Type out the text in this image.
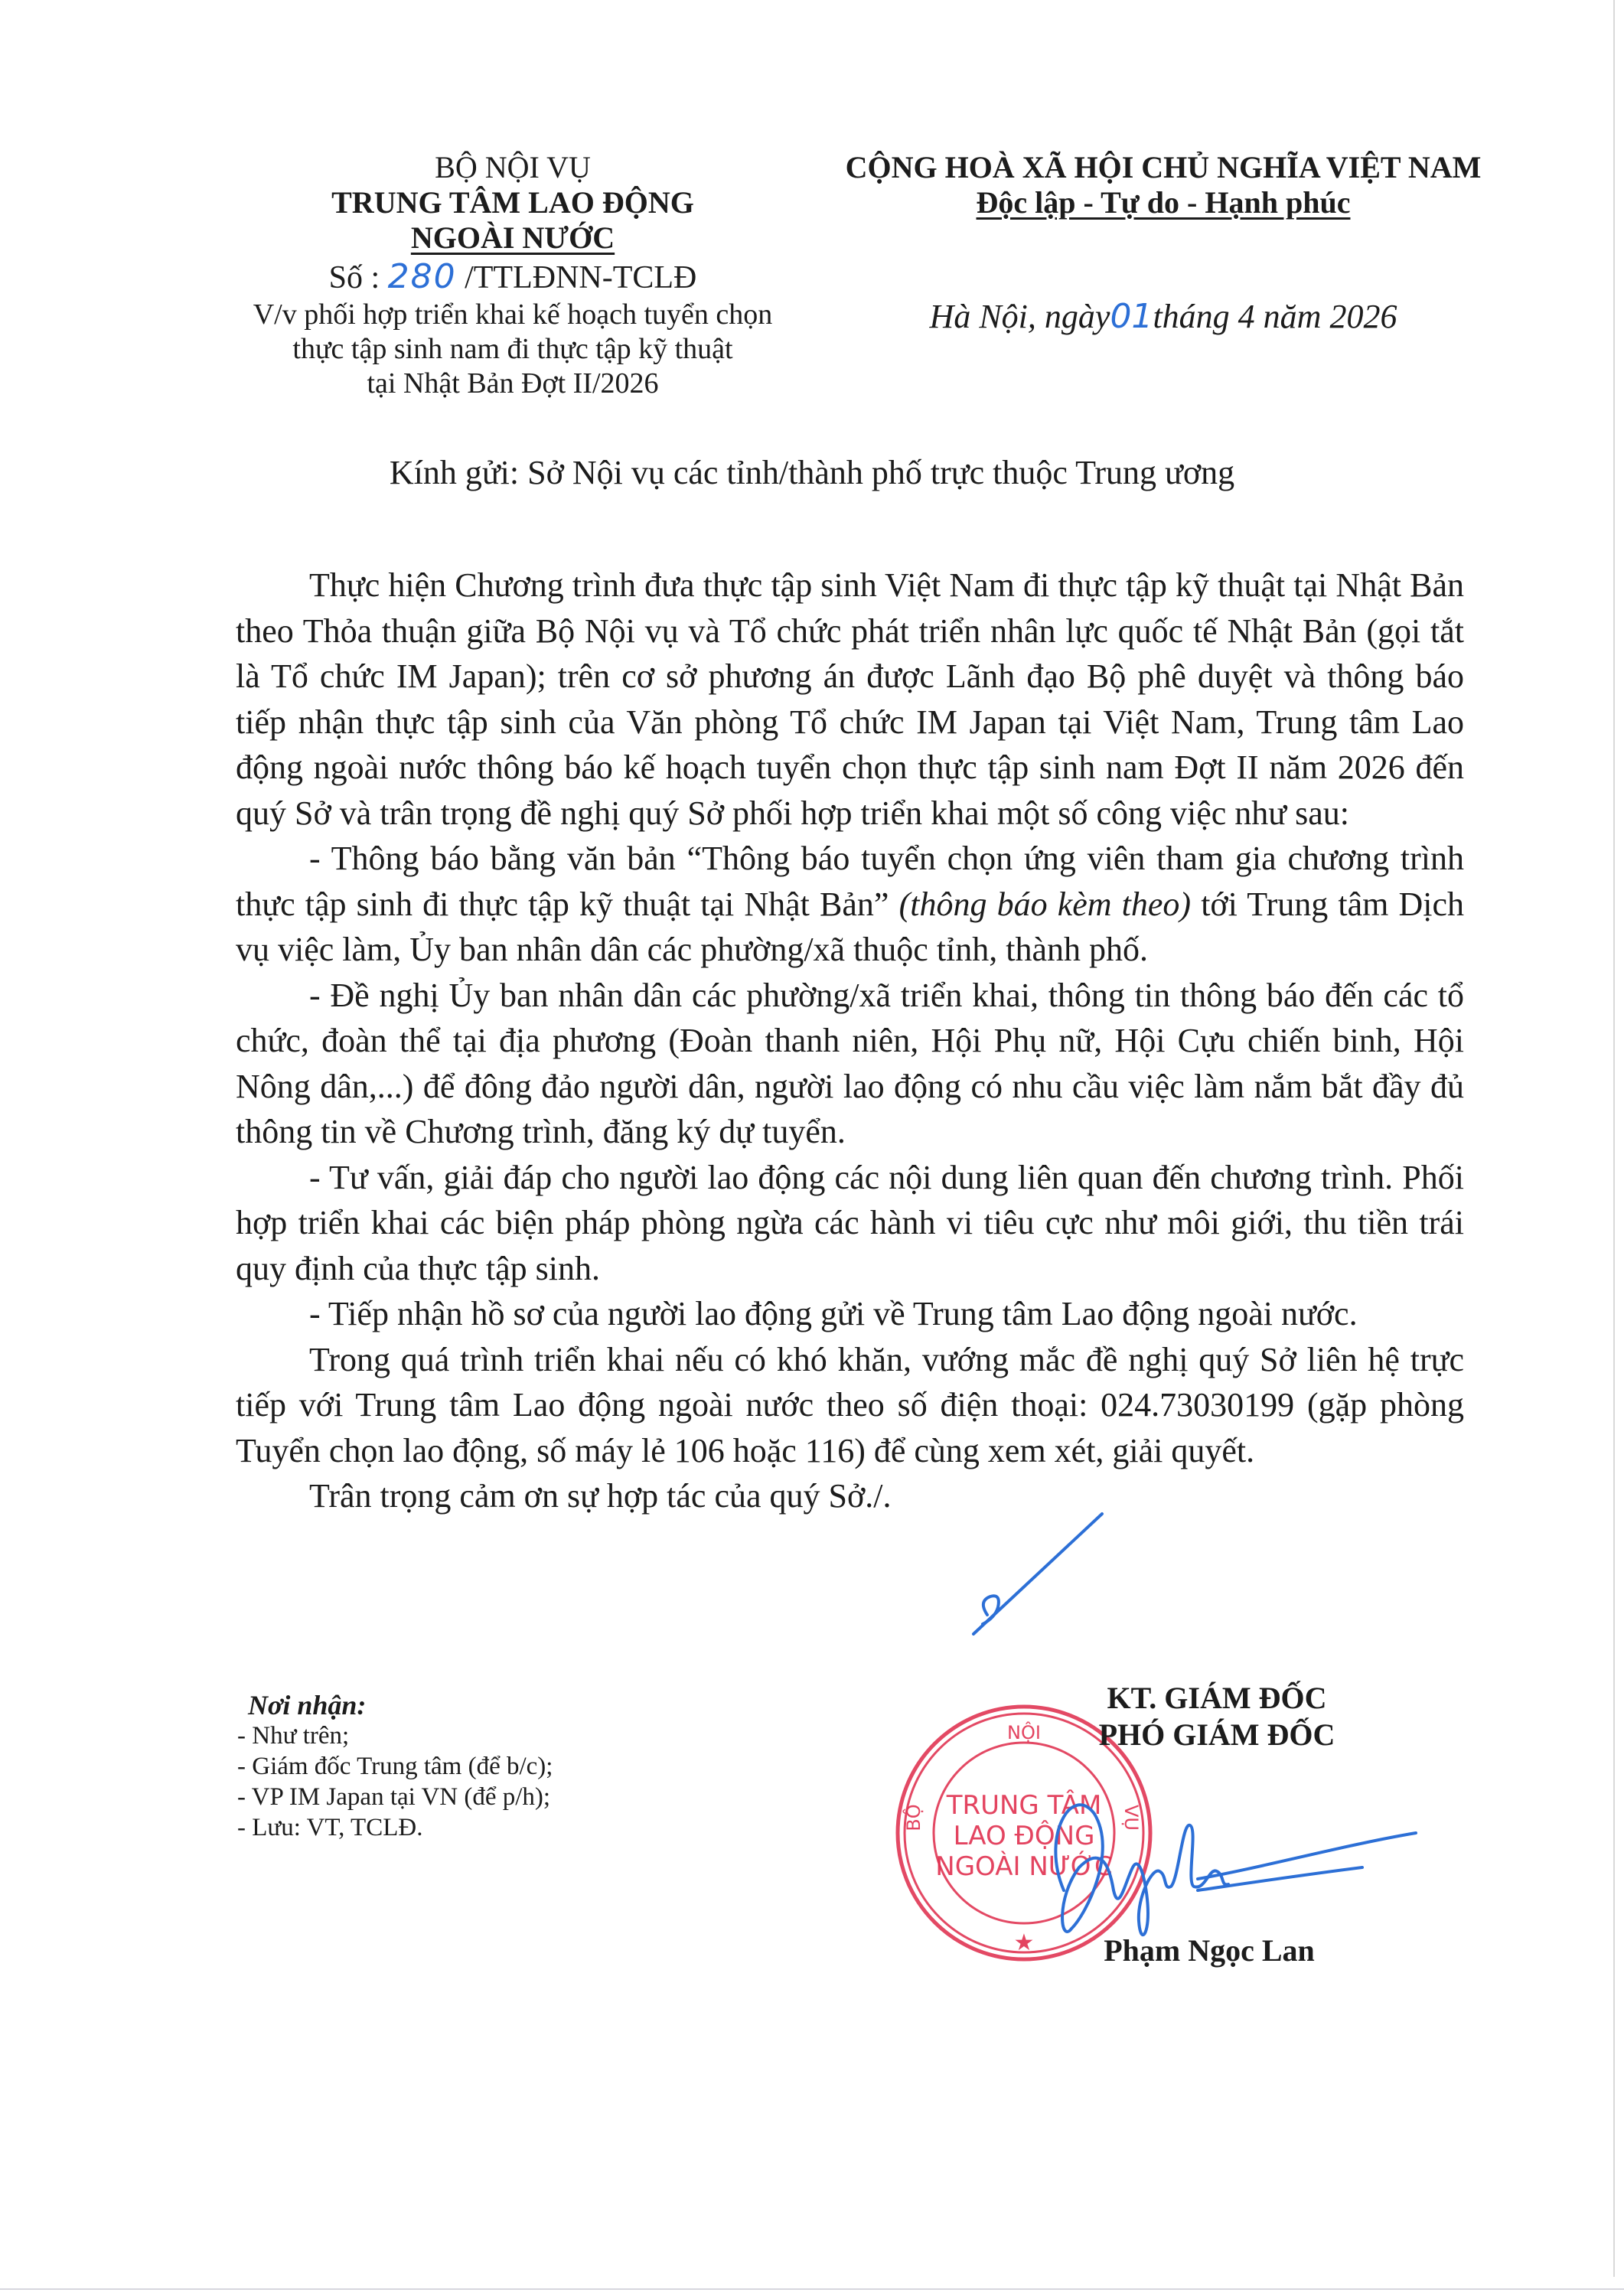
BỘ NỘI VỤ
TRUNG TÂM LAO ĐỘNG
NGOÀI NƯỚC
Số : 280 /TTLĐNN-TCLĐ
V/v phối hợp triển khai kế hoạch tuyển chọn
thực tập sinh nam đi thực tập kỹ thuật
tại Nhật Bản Đợt II/2026
CỘNG HOÀ XÃ HỘI CHỦ NGHĨA VIỆT NAM
Độc lập - Tự do - Hạnh phúc
Hà Nội, ngày01tháng 4 năm 2026
Kính gửi: Sở Nội vụ các tỉnh/thành phố trực thuộc Trung ương

Thực hiện Chương trình đưa thực tập sinh Việt Nam đi thực tập kỹ thuật tại Nhật Bản theo Thỏa thuận giữa Bộ Nội vụ và Tổ chức phát triển nhân lực quốc tế Nhật Bản (gọi tắt là Tổ chức IM Japan); trên cơ sở phương án được Lãnh đạo Bộ phê duyệt và thông báo tiếp nhận thực tập sinh của Văn phòng Tổ chức IM Japan tại Việt Nam, Trung tâm Lao động ngoài nước thông báo kế hoạch tuyển chọn thực tập sinh nam Đợt II năm 2026 đến quý Sở và trân trọng đề nghị quý Sở phối hợp triển khai một số công việc như sau:

- Thông báo bằng văn bản “Thông báo tuyển chọn ứng viên tham gia chương trình thực tập sinh đi thực tập kỹ thuật tại Nhật Bản” (thông báo kèm theo) tới Trung tâm Dịch vụ việc làm, Ủy ban nhân dân các phường/xã thuộc tỉnh, thành phố.

- Đề nghị Ủy ban nhân dân các phường/xã triển khai, thông tin thông báo đến các tổ chức, đoàn thể tại địa phương (Đoàn thanh niên, Hội Phụ nữ, Hội Cựu chiến binh, Hội Nông dân,...) để đông đảo người dân, người lao động có nhu cầu việc làm nắm bắt đầy đủ thông tin về Chương trình, đăng ký dự tuyển.

- Tư vấn, giải đáp cho người lao động các nội dung liên quan đến chương trình. Phối hợp triển khai các biện pháp phòng ngừa các hành vi tiêu cực như môi giới, thu tiền trái quy định của thực tập sinh.

- Tiếp nhận hồ sơ của người lao động gửi về Trung tâm Lao động ngoài nước.

Trong quá trình triển khai nếu có khó khăn, vướng mắc đề nghị quý Sở liên hệ trực tiếp với Trung tâm Lao động ngoài nước theo số điện thoại: 024.73030199 (gặp phòng Tuyển chọn lao động, số máy lẻ 106 hoặc 116) để cùng xem xét, giải quyết.

Trân trọng cảm ơn sự hợp tác của quý Sở./.

Nơi nhận:
- Như trên;
- Giám đốc Trung tâm (để b/c);
- VP IM Japan tại VN (để p/h);
- Lưu: VT, TCLĐ.
NỘI
TRUNG TÂM
LAO ĐỘNG
NGOÀI NƯỚC
BỘ	VỤ
★
KT. GIÁM ĐỐC
PHÓ GIÁM ĐỐC
Phạm Ngọc Lan
